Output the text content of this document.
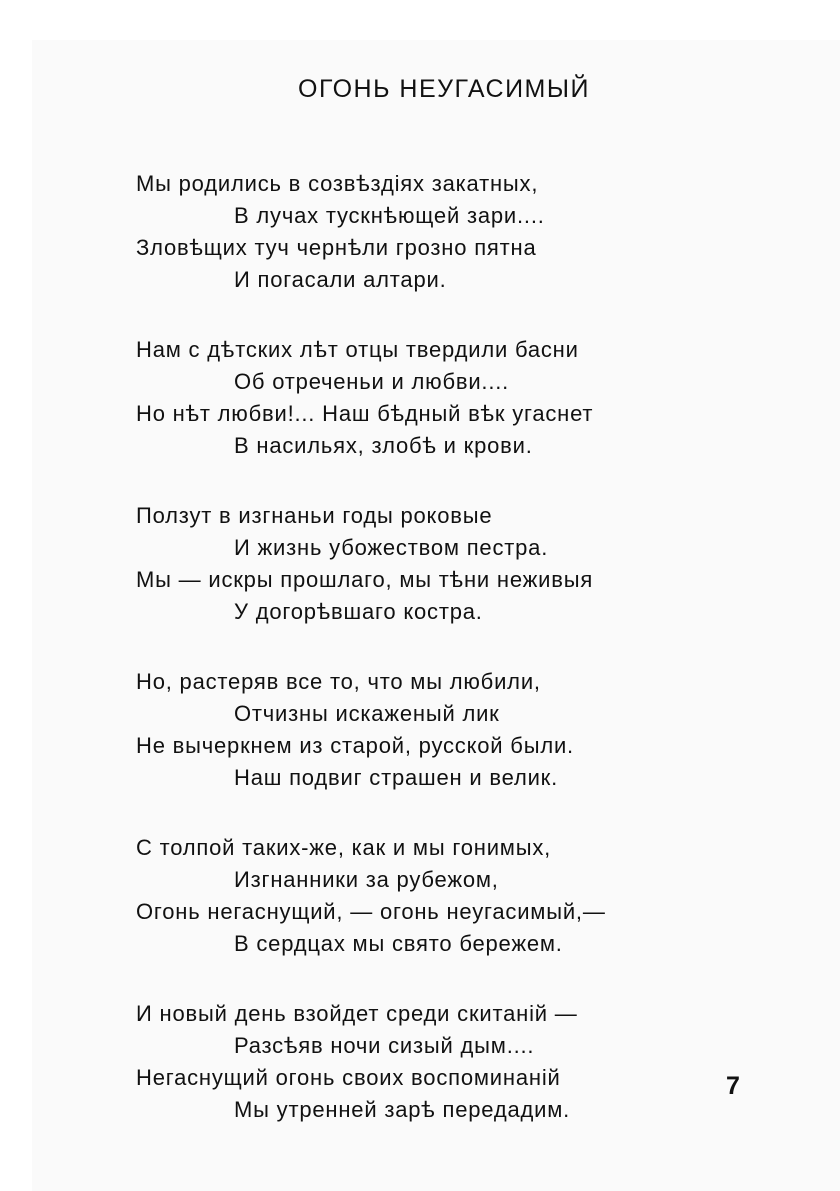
ОГОНЬ НЕУГАСИМЫЙ
Мы родились в созвѣздіях закатных,
В лучах тускнѣющей зари....
Зловѣщих туч чернѣли грозно пятна
И погасали алтари.
Нам с дѣтских лѣт отцы твердили басни
Об отреченьи и любви....
Но нѣт любви!... Наш бѣдный вѣк угаснет
В насильях, злобѣ и крови.
Ползут в изгнаньи годы роковые
И жизнь убожеством пестра.
Мы — искры прошлаго, мы тѣни неживыя
У догорѣвшаго костра.
Но, растеряв все то, что мы любили,
Отчизны искаженый лик
Не вычеркнем из старой, русской были.
Наш подвиг страшен и велик.
С толпой таких-же, как и мы гонимых,
Изгнанники за рубежом,
Огонь негаснущий, — огонь неугасимый,—
В сердцах мы свято бережем.
И новый день взойдет среди скитаній —
Разсѣяв ночи сизый дым....
Негаснущий огонь своих воспоминаній
Мы утренней зарѣ передадим.
7
